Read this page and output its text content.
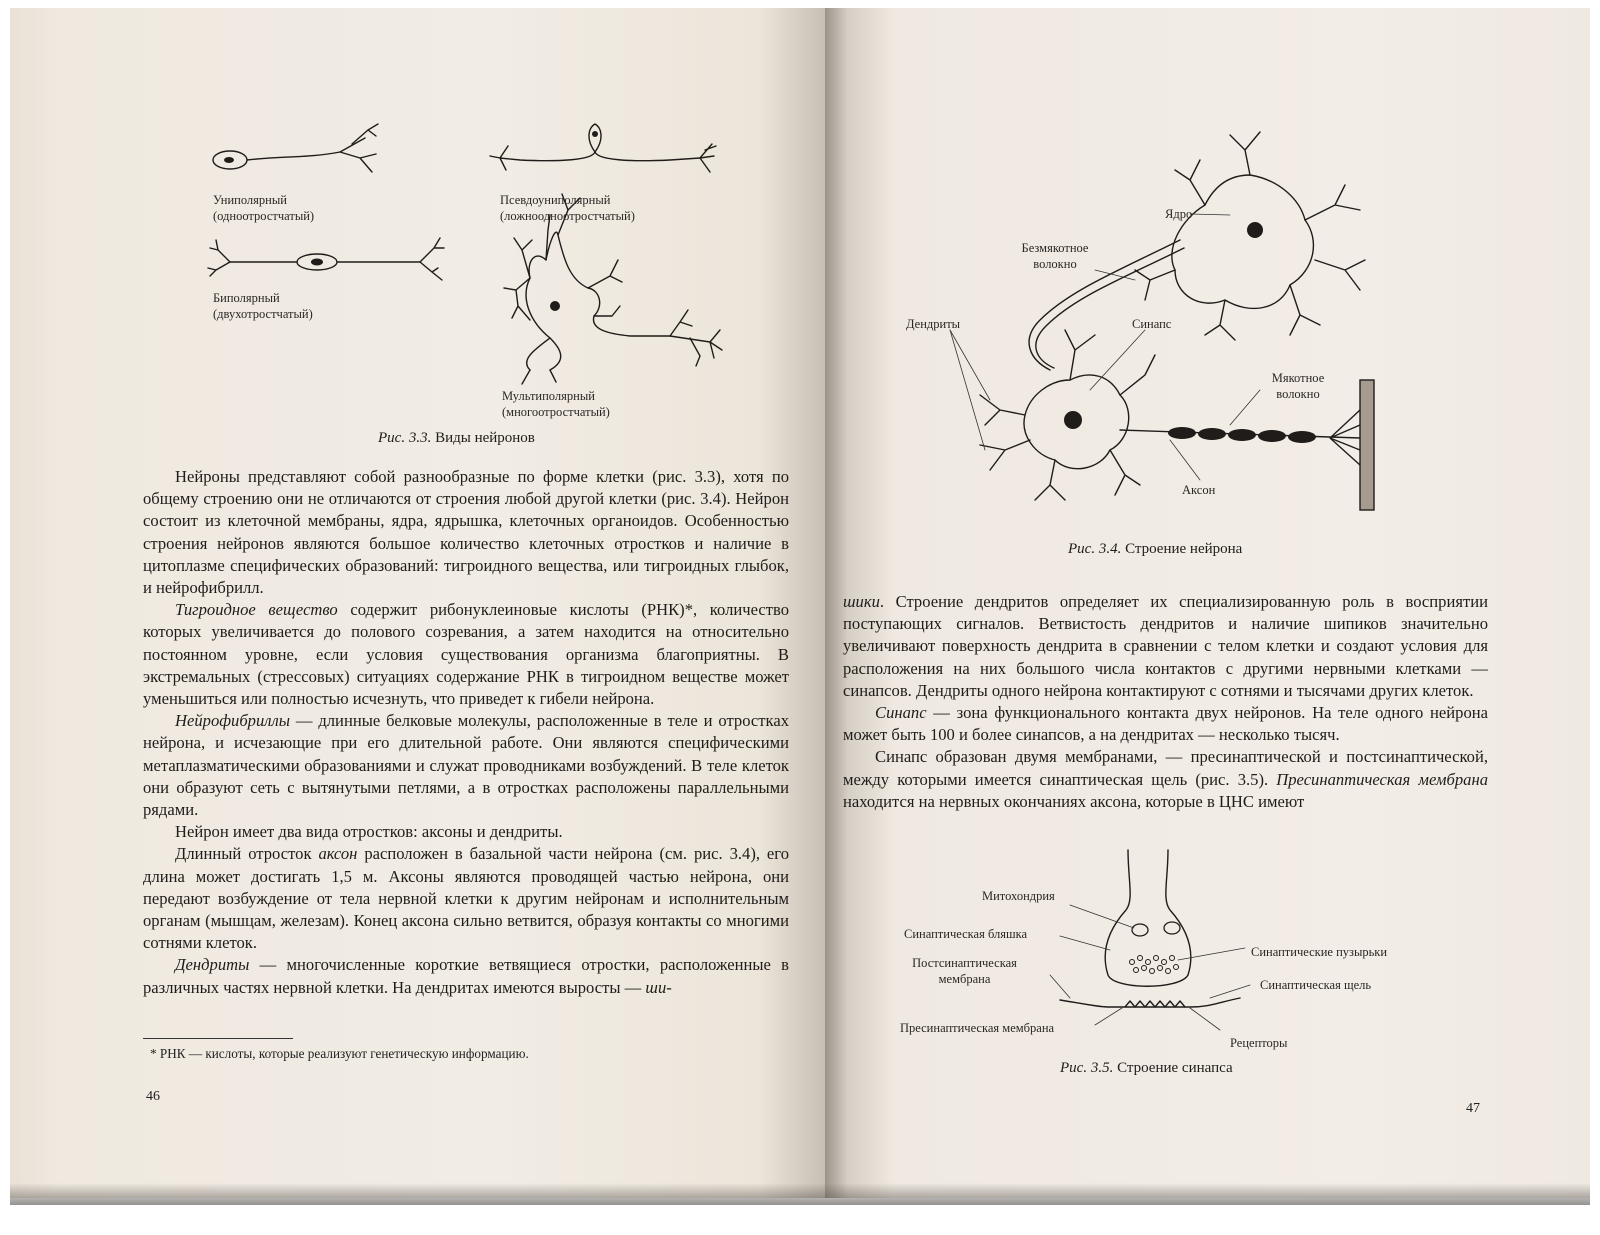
Униполярный
(одноотростчатый)
Псевдоуниполярный
(ложноодноотростчатый)
Биполярный
(двухотростчатый)
Мультиполярный
(многоотростчатый)
Рис. 3.3. Виды нейронов

Нейроны представляют собой разнообразные по форме клетки (рис. 3.3), хотя по общему строению они не отличаются от строения любой другой клетки (рис. 3.4). Нейрон состоит из клеточной мембраны, ядра, ядрышка, клеточных органоидов. Особенностью строения нейронов являются большое количество клеточных отростков и наличие в цитоплазме специфических образований: тигроидного вещества, или тигроидных глыбок, и нейрофибрилл.

Тигроидное вещество содержит рибонуклеиновые кислоты (РНК)*, количество которых увеличивается до полового созревания, а затем находится на относительно постоянном уровне, если условия существования организма благоприятны. В экстремальных (стрессовых) ситуациях содержание РНК в тигроидном веществе может уменьшиться или полностью исчезнуть, что приведет к гибели нейрона.

Нейрофибриллы — длинные белковые молекулы, расположенные в теле и отростках нейрона, и исчезающие при его длительной работе. Они являются специфическими метаплазматическими образованиями и служат проводниками возбуждений. В теле клеток они образуют сеть с вытянутыми петлями, а в отростках расположены параллельными рядами.

Нейрон имеет два вида отростков: аксоны и дендриты.

Длинный отросток аксон расположен в базальной части нейрона (см. рис. 3.4), его длина может достигать 1,5 м. Аксоны являются проводящей частью нейрона, они передают возбуждение от тела нервной клетки к другим нейронам и исполнительным органам (мышцам, железам). Конец аксона сильно ветвится, образуя контакты со многими сотнями клеток.

Дендриты — многочисленные короткие ветвящиеся отростки, расположенные в различных частях нервной клетки. На дендритах имеются выросты — ши-

* РНК — кислоты, которые реализуют генетическую информацию.
46
Ядро
Безмякотное
волокно
Дендриты	Синапс
Мякотное
волокно
Аксон
Рис. 3.4. Строение нейрона

шики. Строение дендритов определяет их специализированную роль в восприятии поступающих сигналов. Ветвистость дендритов и наличие шипиков значительно увеличивают поверхность дендрита в сравнении с телом клетки и создают условия для расположения на них большого числа контактов с другими нервными клетками — синапсов. Дендриты одного нейрона контактируют с сотнями и тысячами других клеток.

Синапс — зона функционального контакта двух нейронов. На теле одного нейрона может быть 100 и более синапсов, а на дендритах — несколько тысяч.

Синапс образован двумя мембранами, — пресинаптической и постсинаптической, между которыми имеется синаптическая щель (рис. 3.5). Пресинаптическая мембрана находится на нервных окончаниях аксона, которые в ЦНС имеют

Митохондрия
Синаптическая бляшка
Синаптические пузырьки
Постсинаптическая
мембрана	Синаптическая щель
Пресинаптическая мембрана
Рецепторы
Рис. 3.5. Строение синапса
47
